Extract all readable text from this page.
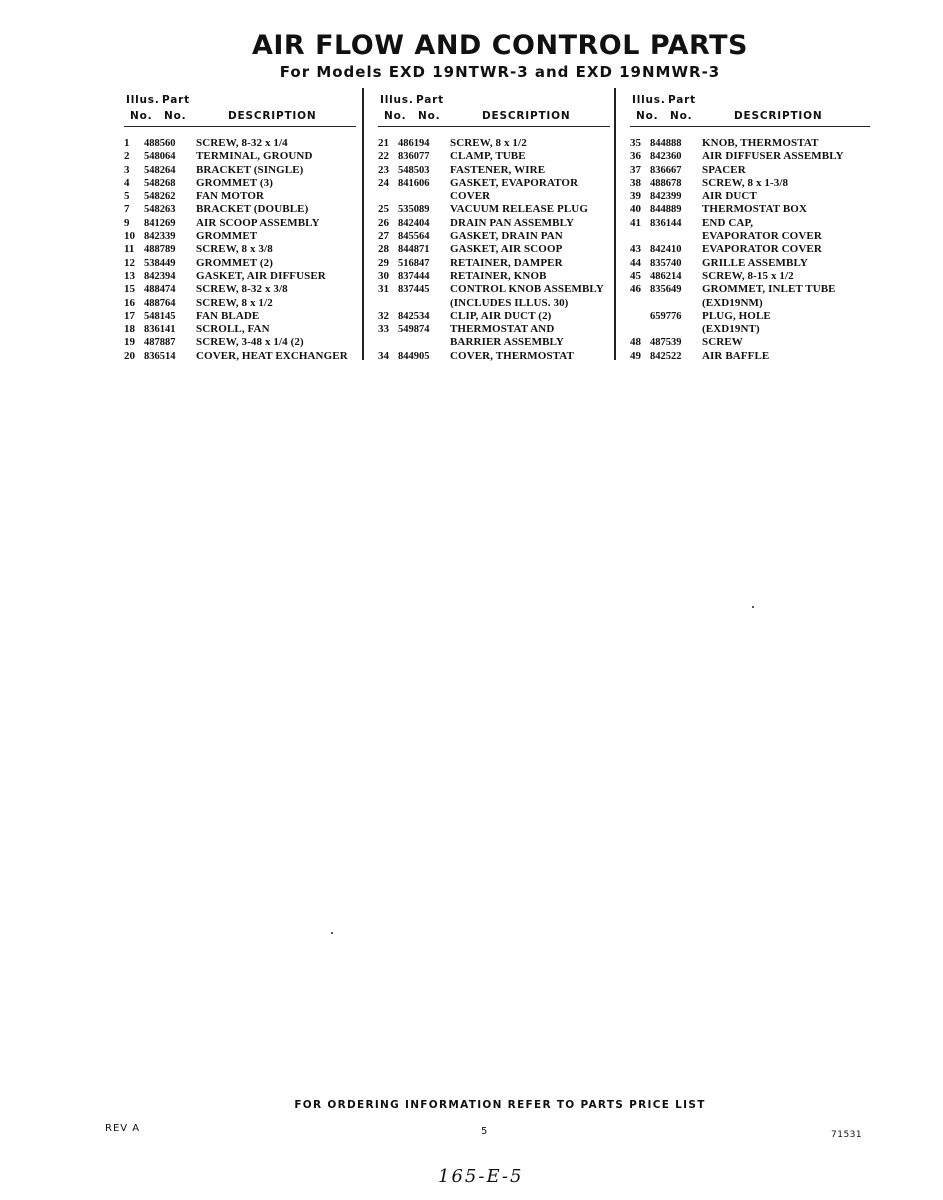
AIR FLOW AND CONTROL PARTS
For Models EXD 19NTWR-3 and EXD 19NMWR-3
Illus. Part
No. No.	DESCRIPTION
1	488560	SCREW, 8-32 x 1/4
2	548064	TERMINAL, GROUND
3	548264	BRACKET (SINGLE)
4	548268	GROMMET (3)
5	548262	FAN MOTOR
7	548263	BRACKET (DOUBLE)
9	841269	AIR SCOOP ASSEMBLY
10 842339	GROMMET
11 488789	SCREW, 8 x 3/8
12 538449	GROMMET (2)
13 842394	GASKET, AIR DIFFUSER
15 488474	SCREW, 8-32 x 3/8
16 488764	SCREW, 8 x 1/2
17 548145	FAN BLADE
18 836141	SCROLL, FAN
19 487887	SCREW, 3-48 x 1/4 (2)
20 836514	COVER, HEAT EXCHANGER
Illus. Part
No. No.	DESCRIPTION
21 486194	SCREW, 8 x 1/2
22 836077	CLAMP, TUBE
23 548503	FASTENER, WIRE
24 841606	GASKET, EVAPORATOR
COVER
25 535089	VACUUM RELEASE PLUG
26 842404	DRAIN PAN ASSEMBLY
27 845564	GASKET, DRAIN PAN
28 844871	GASKET, AIR SCOOP
29 516847	RETAINER, DAMPER
30 837444	RETAINER, KNOB
31 837445	CONTROL KNOB ASSEMBLY
(INCLUDES ILLUS. 30)
32 842534	CLIP, AIR DUCT (2)
33 549874	THERMOSTAT AND
BARRIER ASSEMBLY
34 844905	COVER, THERMOSTAT
Illus. Part
No. No.	DESCRIPTION
35 844888	KNOB, THERMOSTAT
36 842360	AIR DIFFUSER ASSEMBLY
37 836667	SPACER
38 488678	SCREW, 8 x 1-3/8
39 842399	AIR DUCT
40 844889	THERMOSTAT BOX
41 836144	END CAP,
EVAPORATOR COVER
43 842410	EVAPORATOR COVER
44 835740	GRILLE ASSEMBLY
45 486214	SCREW, 8-15 x 1/2
46 835649	GROMMET, INLET TUBE
(EXD19NM)
659776	PLUG, HOLE
(EXD19NT)
48 487539	SCREW
49 842522	AIR BAFFLE
FOR ORDERING INFORMATION REFER TO PARTS PRICE LIST
REV A	5	71531
165-E-5
